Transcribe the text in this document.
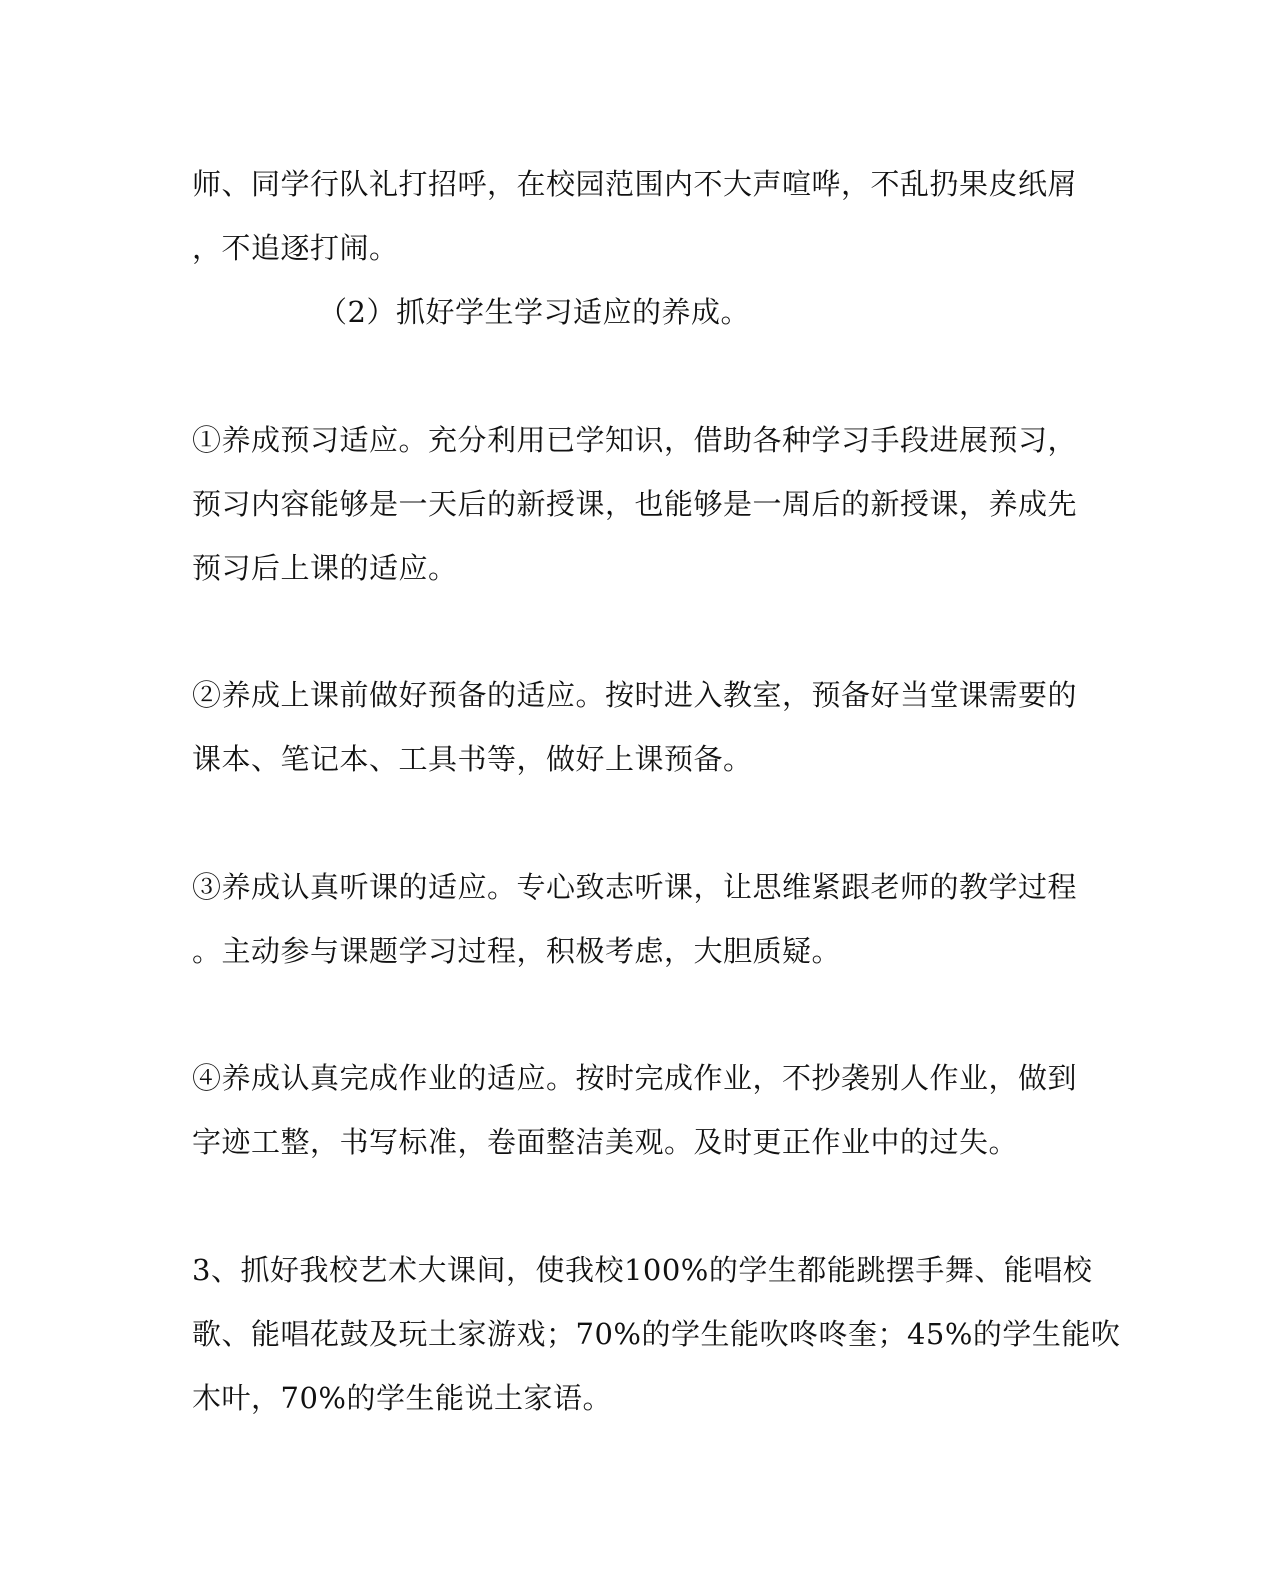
师、同学行队礼打招呼，在校园范围内不大声喧哗，不乱扔果皮纸屑
，不追逐打闹。
（2）抓好学生学习适应的养成。
①养成预习适应。充分利用已学知识，借助各种学习手段进展预习，
预习内容能够是一天后的新授课，也能够是一周后的新授课，养成先
预习后上课的适应。
②养成上课前做好预备的适应。按时进入教室，预备好当堂课需要的
课本、笔记本、工具书等，做好上课预备。
③养成认真听课的适应。专心致志听课，让思维紧跟老师的教学过程
。主动参与课题学习过程，积极考虑，大胆质疑。
④养成认真完成作业的适应。按时完成作业，不抄袭别人作业，做到
字迹工整，书写标准，卷面整洁美观。及时更正作业中的过失。
3、抓好我校艺术大课间，使我校100%的学生都能跳摆手舞、能唱校
歌、能唱花鼓及玩土家游戏；70%的学生能吹咚咚奎；45%的学生能吹
木叶，70%的学生能说土家语。
